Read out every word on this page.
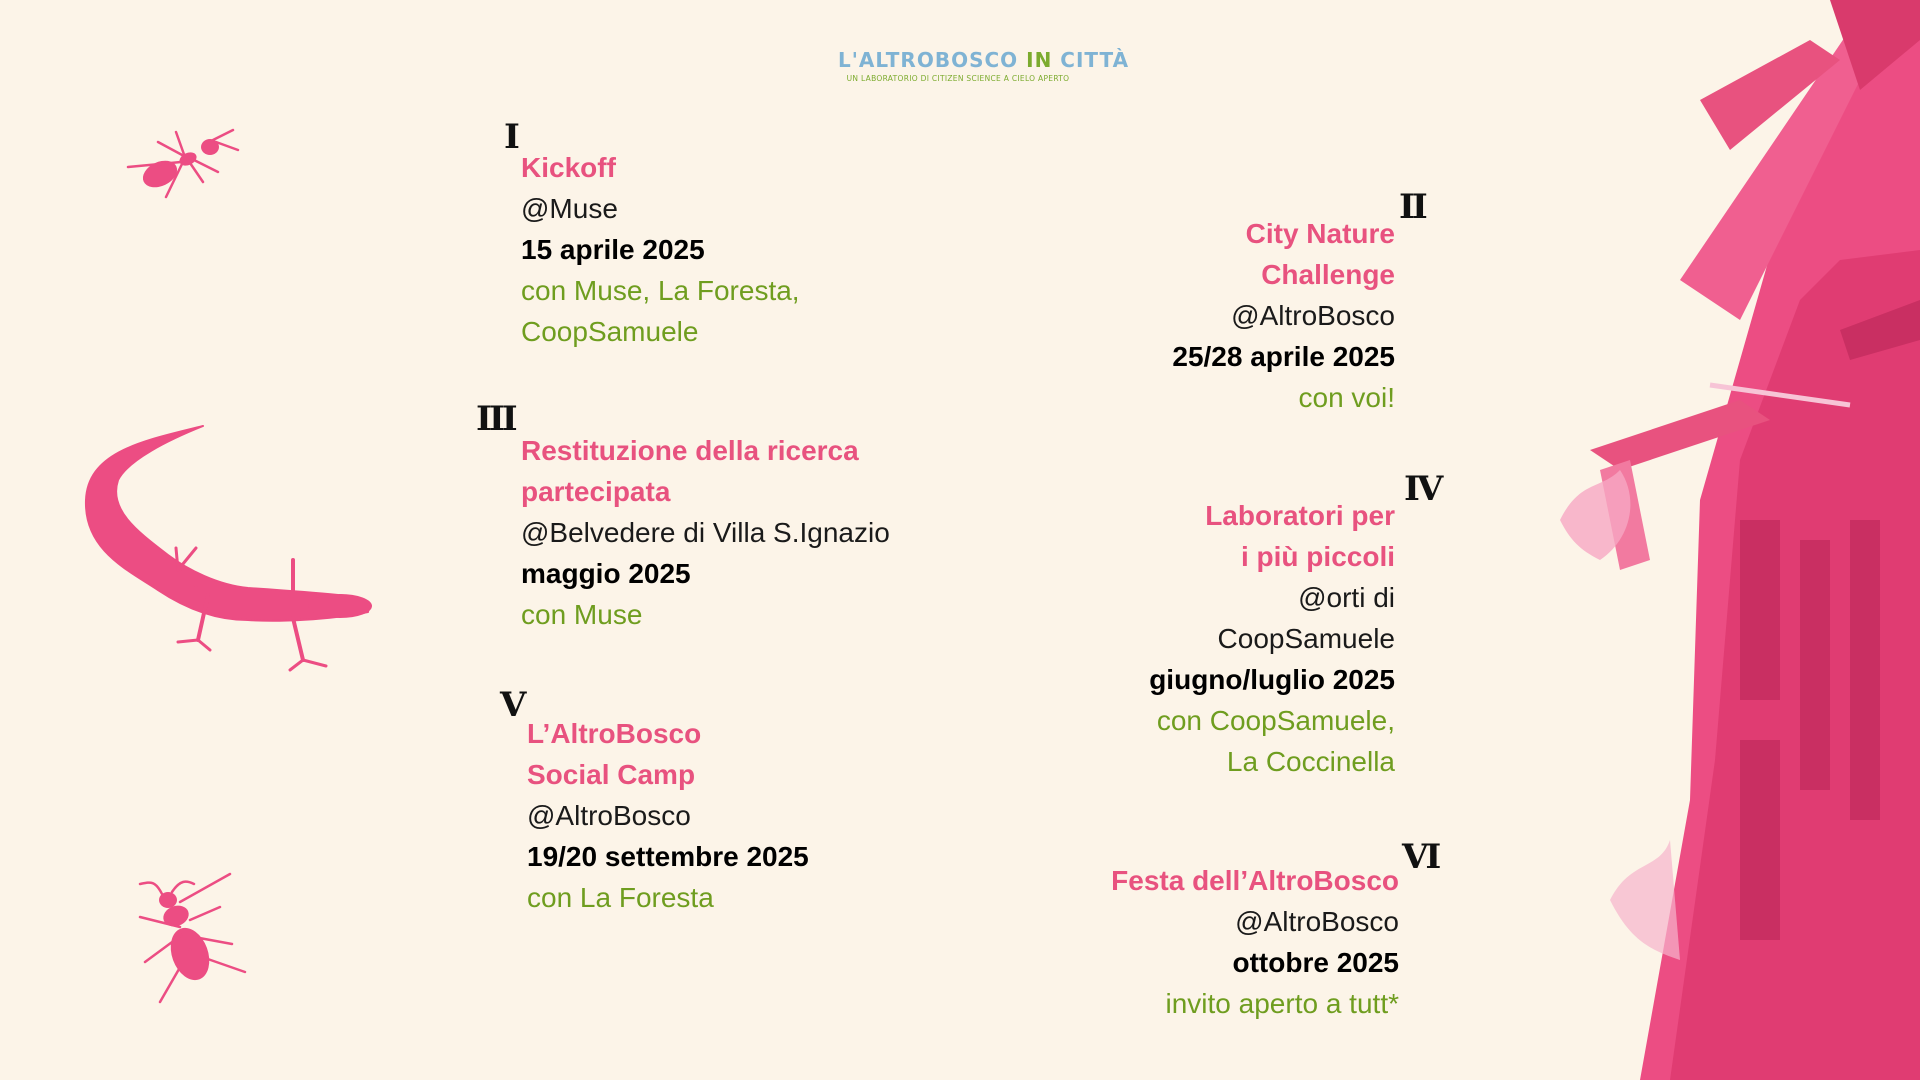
L'ALTROBOSCO IN CITTÀ
UN LABORATORIO DI CITIZEN SCIENCE A CIELO APERTO
I
Kickoff
@Muse
15 aprile 2025
con Muse, La Foresta,
CoopSamuele
II
City Nature
Challenge
@AltroBosco
25/28 aprile 2025
con voi!
III
Restituzione della ricerca
partecipata
@Belvedere di Villa S.Ignazio
maggio 2025
con Muse
IV
Laboratori per
i più piccoli
@orti di
CoopSamuele
giugno/luglio 2025
con CoopSamuele,
La Coccinella
V
L’AltroBosco
Social Camp
@AltroBosco
19/20 settembre 2025
con La Foresta
VI
Festa dell’AltroBosco
@AltroBosco
ottobre 2025
invito aperto a tutt*
